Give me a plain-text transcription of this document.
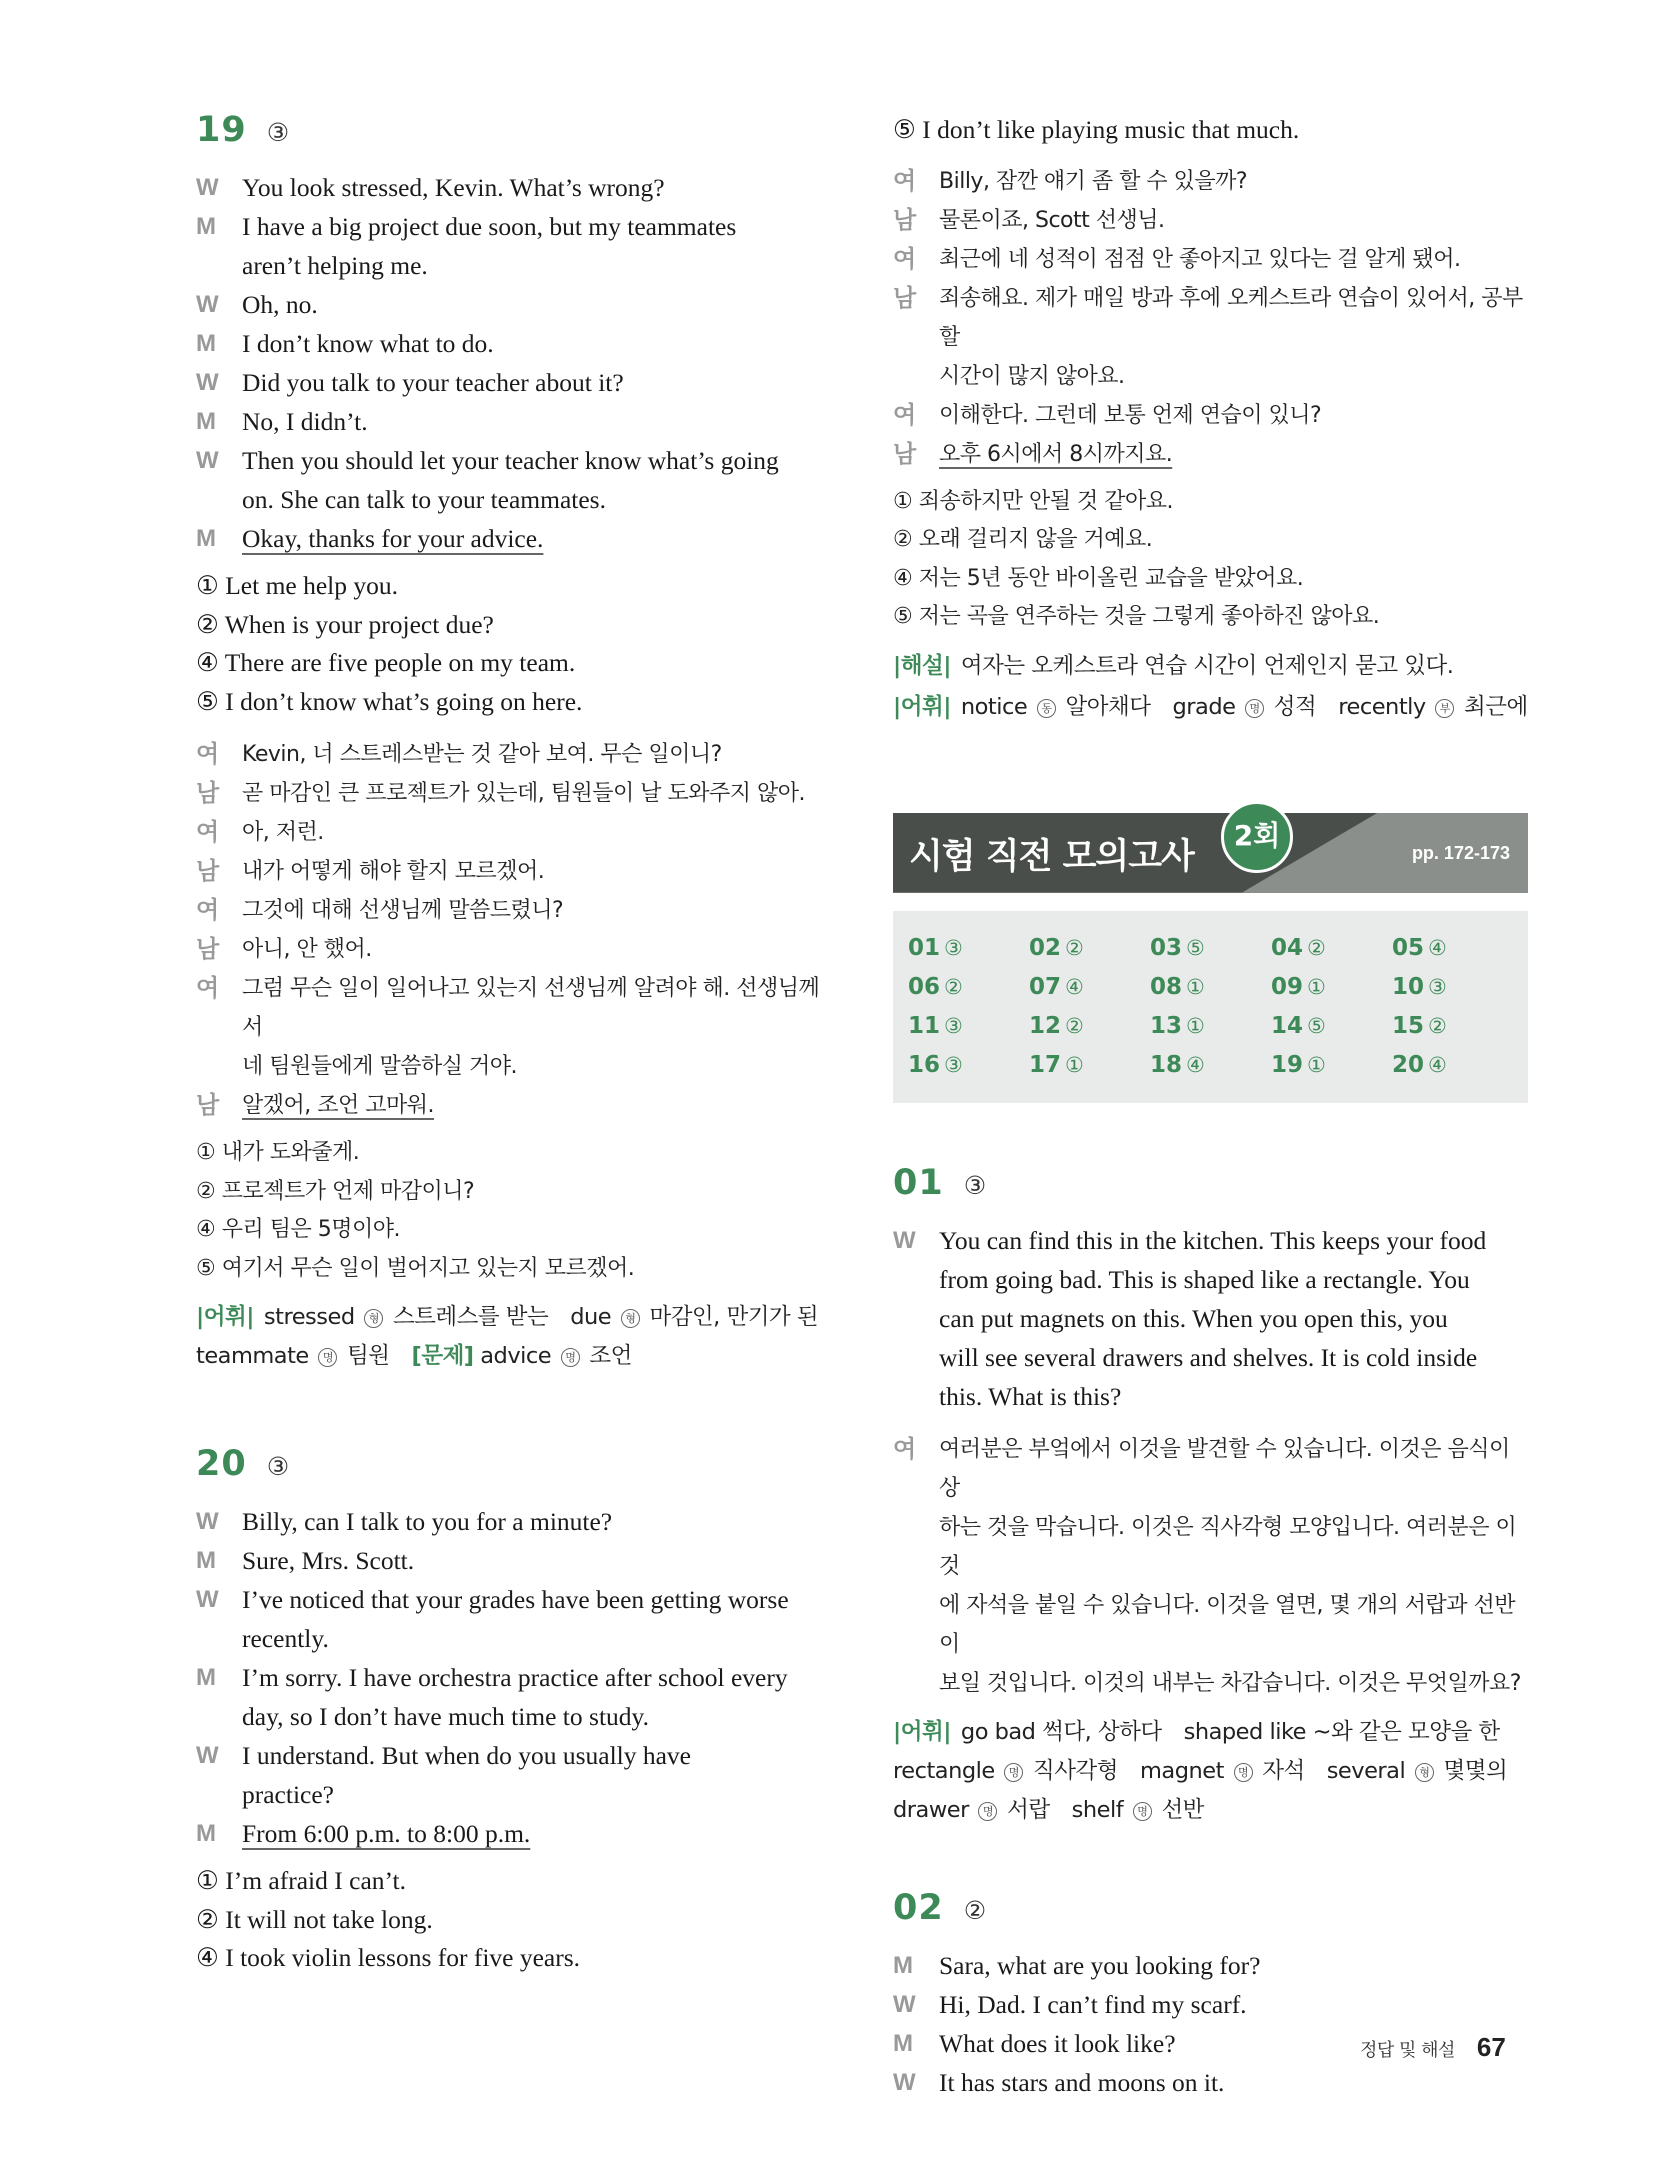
19 ③
W You look stressed, Kevin. What’s wrong?
M	I have a big project due soon, but my teammates
aren’t helping me.
W Oh, no.
M	I don’t know what to do.
W Did you talk to your teacher about it?
M	No, I didn’t.
W Then you should let your teacher know what’s going
on. She can talk to your teammates.
M	Okay, thanks for your advice.
① Let me help you.
② When is your project due?
④ There are five people on my team.
⑤ I don’t know what’s going on here.
여	Kevin, 너 스트레스받는 것 같아 보여. 무슨 일이니?
남	곧 마감인 큰 프로젝트가 있는데, 팀원들이 날 도와주지 않아.
여	아, 저런.
남	내가 어떻게 해야 할지 모르겠어.
여	그것에 대해 선생님께 말씀드렸니?
남	아니, 안 했어.
여	그럼 무슨 일이 일어나고 있는지 선생님께 알려야 해. 선생님께서
네 팀원들에게 말씀하실 거야.
남	알겠어, 조언 고마워.
① 내가 도와줄게.
② 프로젝트가 언제 마감이니?
④ 우리 팀은 5명이야.
⑤ 여기서 무슨 일이 벌어지고 있는지 모르겠어.
|어휘| stressed 형 스트레스를 받는 due 형 마감인, 만기가 된
teammate 명 팀원 [문제] advice 명 조언
20 ③
W Billy, can I talk to you for a minute?
M	Sure, Mrs. Scott.
W I’ve noticed that your grades have been getting worse
recently.
M	I’m sorry. I have orchestra practice after school every
day, so I don’t have much time to study.
W I understand. But when do you usually have
practice?
M	From 6:00 p.m. to 8:00 p.m.
① I’m afraid I can’t.
② It will not take long.
④ I took violin lessons for five years.
⑤ I don’t like playing music that much.
여	Billy, 잠깐 얘기 좀 할 수 있을까?
남	물론이죠, Scott 선생님.
여	최근에 네 성적이 점점 안 좋아지고 있다는 걸 알게 됐어.
남	죄송해요. 제가 매일 방과 후에 오케스트라 연습이 있어서, 공부할
시간이 많지 않아요.
여	이해한다. 그런데 보통 언제 연습이 있니?
남	오후 6시에서 8시까지요.
① 죄송하지만 안될 것 같아요.
② 오래 걸리지 않을 거예요.
④ 저는 5년 동안 바이올린 교습을 받았어요.
⑤ 저는 곡을 연주하는 것을 그렇게 좋아하진 않아요.
|해설| 여자는 오케스트라 연습 시간이 언제인지 묻고 있다.
|어휘| notice 동 알아채다 grade 명 성적 recently 부 최근에
시험 직전 모의고사
2회
pp. 172-173
01 ③	02 ②	03 ⑤	04 ②	05 ④
06 ②	07 ④	08 ①	09 ①	10 ③
11 ③	12 ②	13 ①	14 ⑤	15 ②
16 ③	17 ①	18 ④	19 ①	20 ④
01 ③
W You can find this in the kitchen. This keeps your food
from going bad. This is shaped like a rectangle. You
can put magnets on this. When you open this, you
will see several drawers and shelves. It is cold inside
this. What is this?
여	여러분은 부엌에서 이것을 발견할 수 있습니다. 이것은 음식이 상
하는 것을 막습니다. 이것은 직사각형 모양입니다. 여러분은 이것
에 자석을 붙일 수 있습니다. 이것을 열면, 몇 개의 서랍과 선반이
보일 것입니다. 이것의 내부는 차갑습니다. 이것은 무엇일까요?
|어휘| go bad 썩다, 상하다 shaped like ~와 같은 모양을 한
rectangle 명 직사각형 magnet 명 자석 several 형 몇몇의
drawer 명 서랍 shelf 명 선반
02 ②
M	Sara, what are you looking for?
W Hi, Dad. I can’t find my scarf.
M	What does it look like?
W It has stars and moons on it.
정답 및 해설 67
